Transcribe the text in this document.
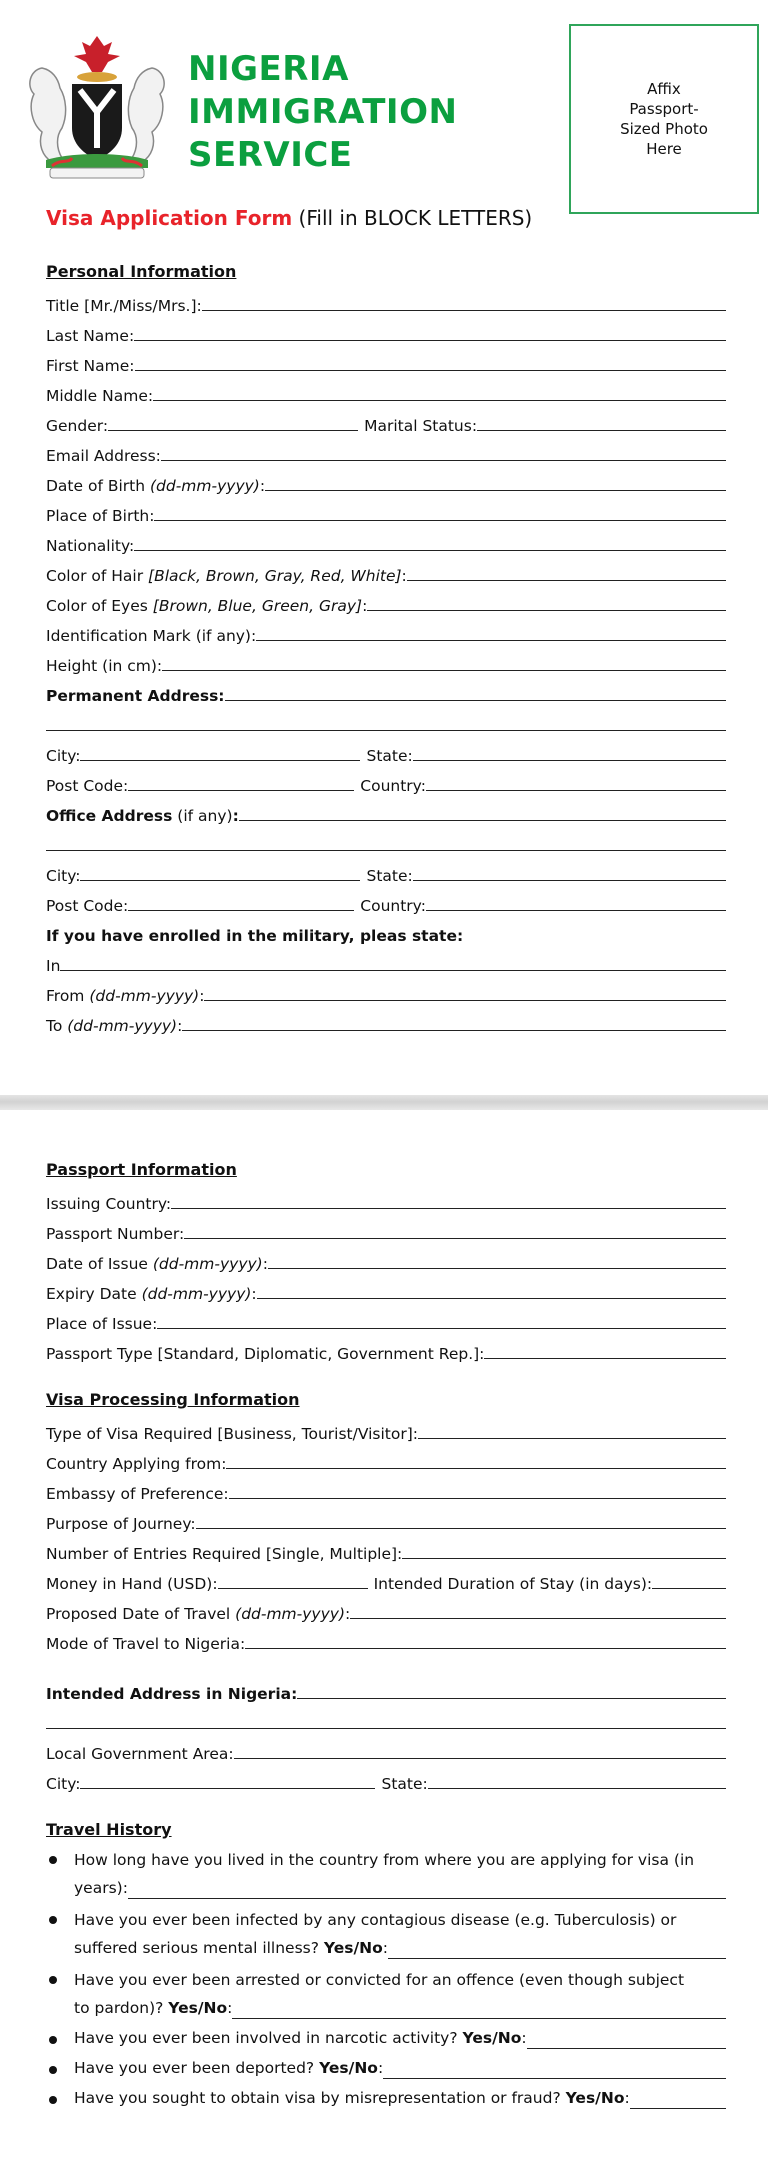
NIGERIA
IMMIGRATION
SERVICE
Affix
Passport-
Sized Photo
Here
Visa Application Form (Fill in BLOCK LETTERS)
Personal Information
Title [Mr./Miss/Mrs.]:
Last Name:
First Name:
Middle Name:
Gender:	Marital Status:
Email Address:
Date of Birth (dd-mm-yyyy):
Place of Birth:
Nationality:
Color of Hair [Black, Brown, Gray, Red, White]:
Color of Eyes [Brown, Blue, Green, Gray]:
Identification Mark (if any):
Height (in cm):
Permanent Address:
City:	State:
Post Code:	Country:
Office Address (if any):
City:	State:
Post Code:	Country:
If you have enrolled in the military, pleas state:
In
From (dd-mm-yyyy):
To (dd-mm-yyyy):
Passport Information
Issuing Country:
Passport Number:
Date of Issue (dd-mm-yyyy):
Expiry Date (dd-mm-yyyy):
Place of Issue:
Passport Type [Standard, Diplomatic, Government Rep.]:
Visa Processing Information
Type of Visa Required [Business, Tourist/Visitor]:
Country Applying from:
Embassy of Preference:
Purpose of Journey:
Number of Entries Required [Single, Multiple]:
Money in Hand (USD):	Intended Duration of Stay (in days):
Proposed Date of Travel (dd-mm-yyyy):
Mode of Travel to Nigeria:
Intended Address in Nigeria:
Local Government Area:
City:	State:
Travel History
How long have you lived in the country from where you are applying for visa (in
years):
Have you ever been infected by any contagious disease (e.g. Tuberculosis) or
suffered serious mental illness? Yes/No:
Have you ever been arrested or convicted for an offence (even though subject
to pardon)? Yes/No:
Have you ever been involved in narcotic activity? Yes/No:
Have you ever been deported? Yes/No:
Have you sought to obtain visa by misrepresentation or fraud? Yes/No:
